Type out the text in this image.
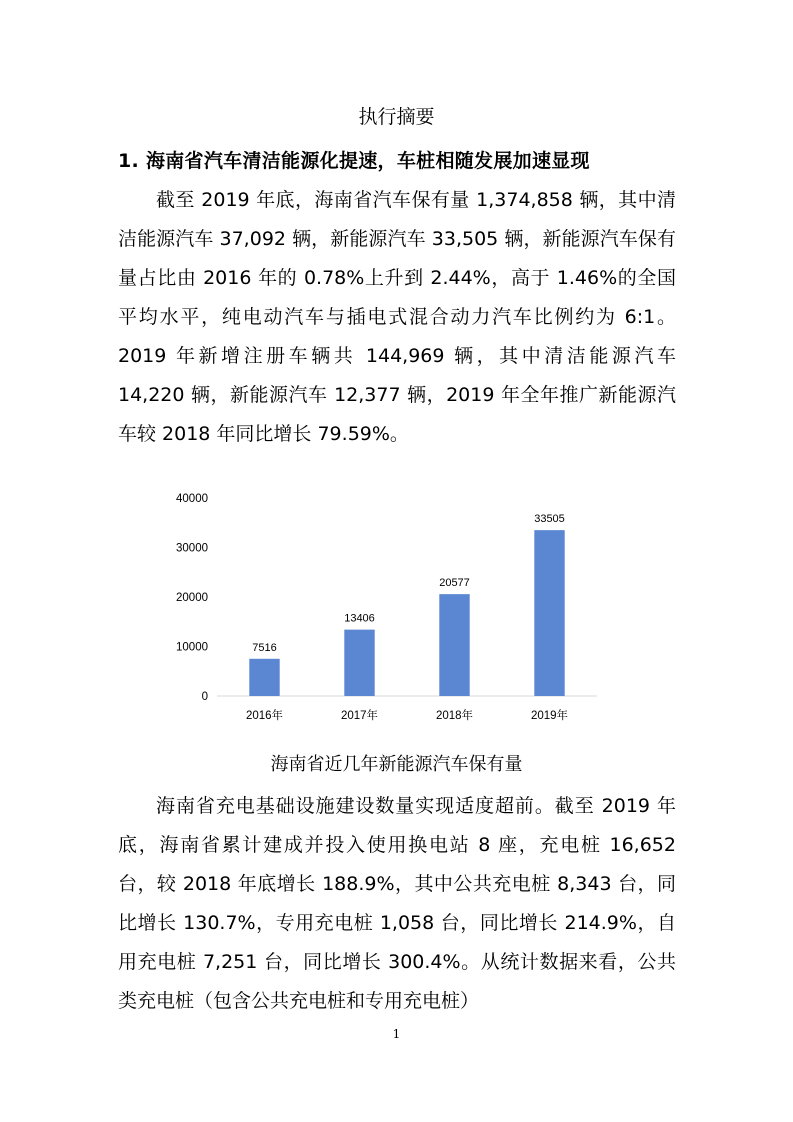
执行摘要
1. 海南省汽车清洁能源化提速，车桩相随发展加速显现

截至 2019 年底，海南省汽车保有量 1,374,858 辆，其中清洁能源汽车 37,092 辆，新能源汽车 33,505 辆，新能源汽车保有量占比由 2016 年的 0.78%上升到 2.44%，高于 1.46%的全国平均水平，纯电动汽车与插电式混合动力汽车比例约为 6:1。2019 年新增注册车辆共 144,969 辆，其中清洁能源汽车 14,220 辆，新能源汽车 12,377 辆，2019 年全年推广新能源汽车较 2018 年同比增长 79.59%。

0
10000
20000
30000
40000
7516
2016年
13406
2017年
20577
2018年
33505
2019年
海南省近几年新能源汽车保有量

海南省充电基础设施建设数量实现适度超前。截至 2019 年底，海南省累计建成并投入使用换电站 8 座，充电桩 16,652 台，较 2018 年底增长 188.9%，其中公共充电桩 8,343 台，同比增长 130.7%，专用充电桩 1,058 台，同比增长 214.9%，自用充电桩 7,251 台，同比增长 300.4%。从统计数据来看，公共类充电桩（包含公共充电桩和专用充电桩）

1
